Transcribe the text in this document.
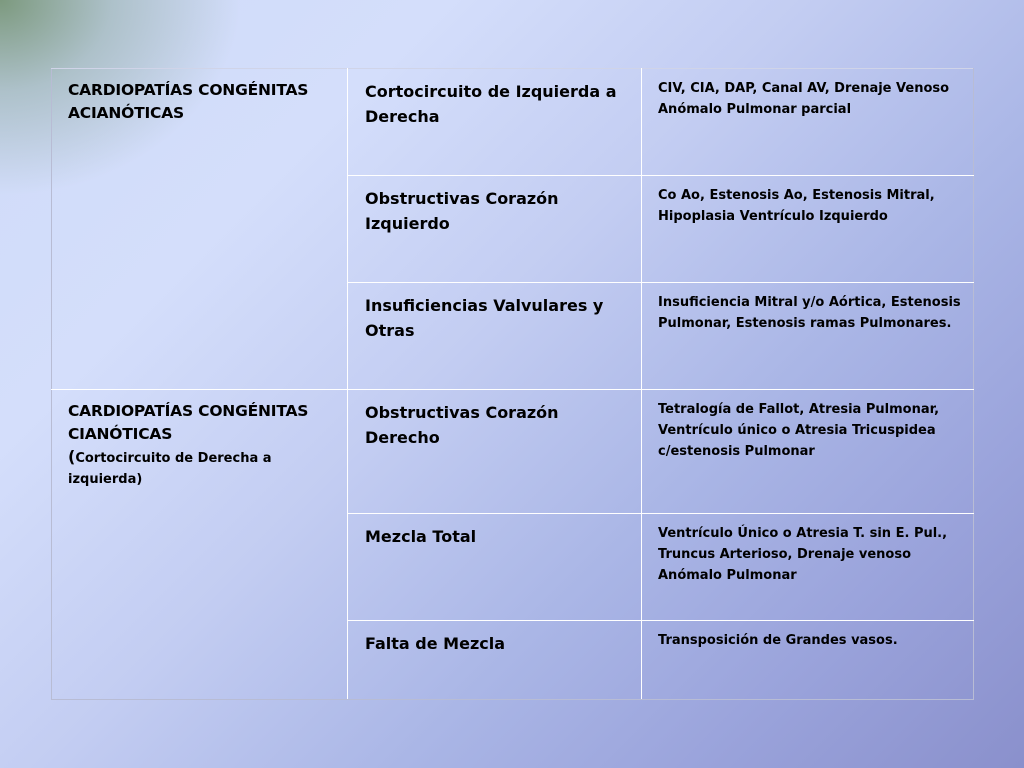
CARDIOPATÍAS CONGÉNITAS ACIANÓTICAS	Cortocircuito de Izquierda a Derecha	CIV, CIA, DAP, Canal AV, Drenaje Venoso Anómalo Pulmonar parcial

	Obstructivas Corazón Izquierdo	Co Ao, Estenosis Ao, Estenosis Mitral, Hipoplasia Ventrículo Izquierdo

	Insuficiencias Valvulares y Otras	Insuficiencia Mitral y/o Aórtica, Estenosis Pulmonar, Estenosis ramas Pulmonares.

CARDIOPATÍAS CONGÉNITAS CIANÓTICAS
(Cortocircuito de Derecha a izquierda)	Obstructivas Corazón Derecho	Tetralogía de Fallot, Atresia Pulmonar, Ventrículo único o Atresia Tricuspidea c/estenosis Pulmonar

	Mezcla Total	Ventrículo Único o Atresia T. sin E. Pul., Truncus Arterioso, Drenaje venoso Anómalo Pulmonar

	Falta de Mezcla	Transposición de Grandes vasos.
